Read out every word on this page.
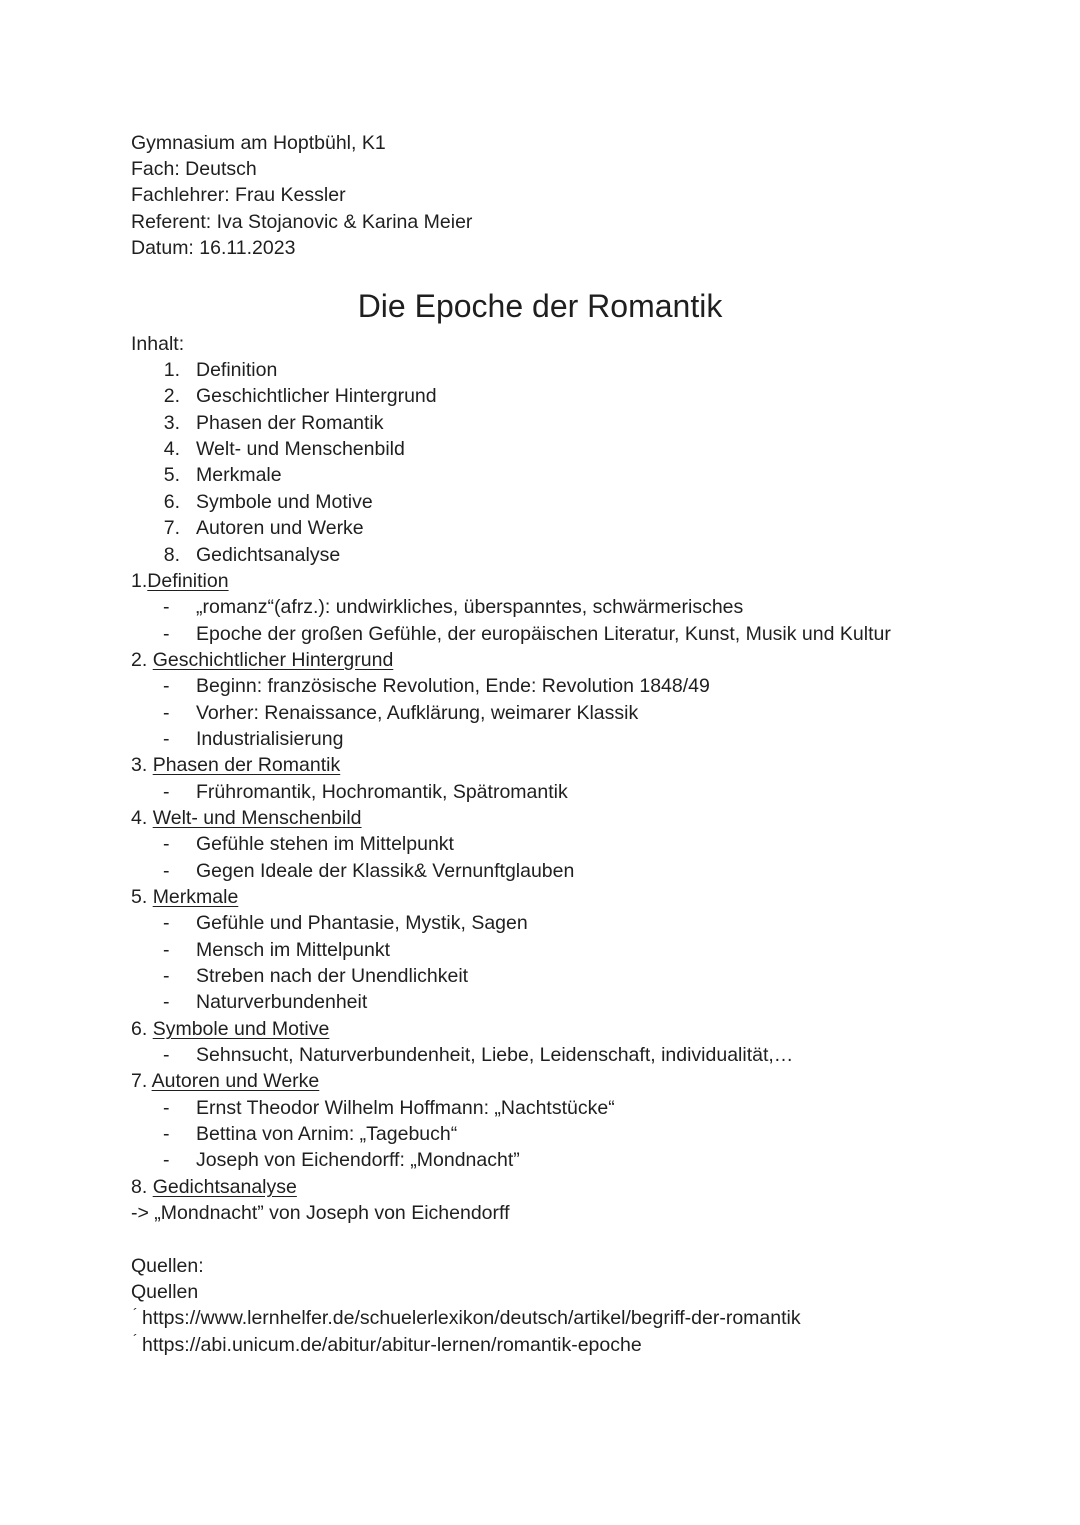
Gymnasium am Hoptbühl, K1
Fach: Deutsch
Fachlehrer: Frau Kessler
Referent: Iva Stojanovic & Karina Meier
Datum: 16.11.2023
Die Epoche der Romantik
Inhalt:
1. Definition
2. Geschichtlicher Hintergrund
3. Phasen der Romantik
4. Welt- und Menschenbild
5. Merkmale
6. Symbole und Motive
7. Autoren und Werke
8. Gedichtsanalyse
1.Definition
- „romanz“(afrz.): undwirkliches, überspanntes, schwärmerisches
- Epoche der großen Gefühle, der europäischen Literatur, Kunst, Musik und Kultur
2. Geschichtlicher Hintergrund
- Beginn: französische Revolution, Ende: Revolution 1848/49
- Vorher: Renaissance, Aufklärung, weimarer Klassik
- Industrialisierung
3. Phasen der Romantik
- Frühromantik, Hochromantik, Spätromantik
4. Welt- und Menschenbild
- Gefühle stehen im Mittelpunkt
- Gegen Ideale der Klassik& Vernunftglauben
5. Merkmale
- Gefühle und Phantasie, Mystik, Sagen
- Mensch im Mittelpunkt
- Streben nach der Unendlichkeit
- Naturverbundenheit
6. Symbole und Motive
- Sehnsucht, Naturverbundenheit, Liebe, Leidenschaft, individualität,…
7. Autoren und Werke
- Ernst Theodor Wilhelm Hoffmann: „Nachtstücke“
- Bettina von Arnim: „Tagebuch“
- Joseph von Eichendorff: „Mondnacht”
8. Gedichtsanalyse
-> „Mondnacht” von Joseph von Eichendorff
Quellen:
Quellen
´ https://www.lernhelfer.de/schuelerlexikon/deutsch/artikel/begriff-der-romantik
´ https://abi.unicum.de/abitur/abitur-lernen/romantik-epoche
